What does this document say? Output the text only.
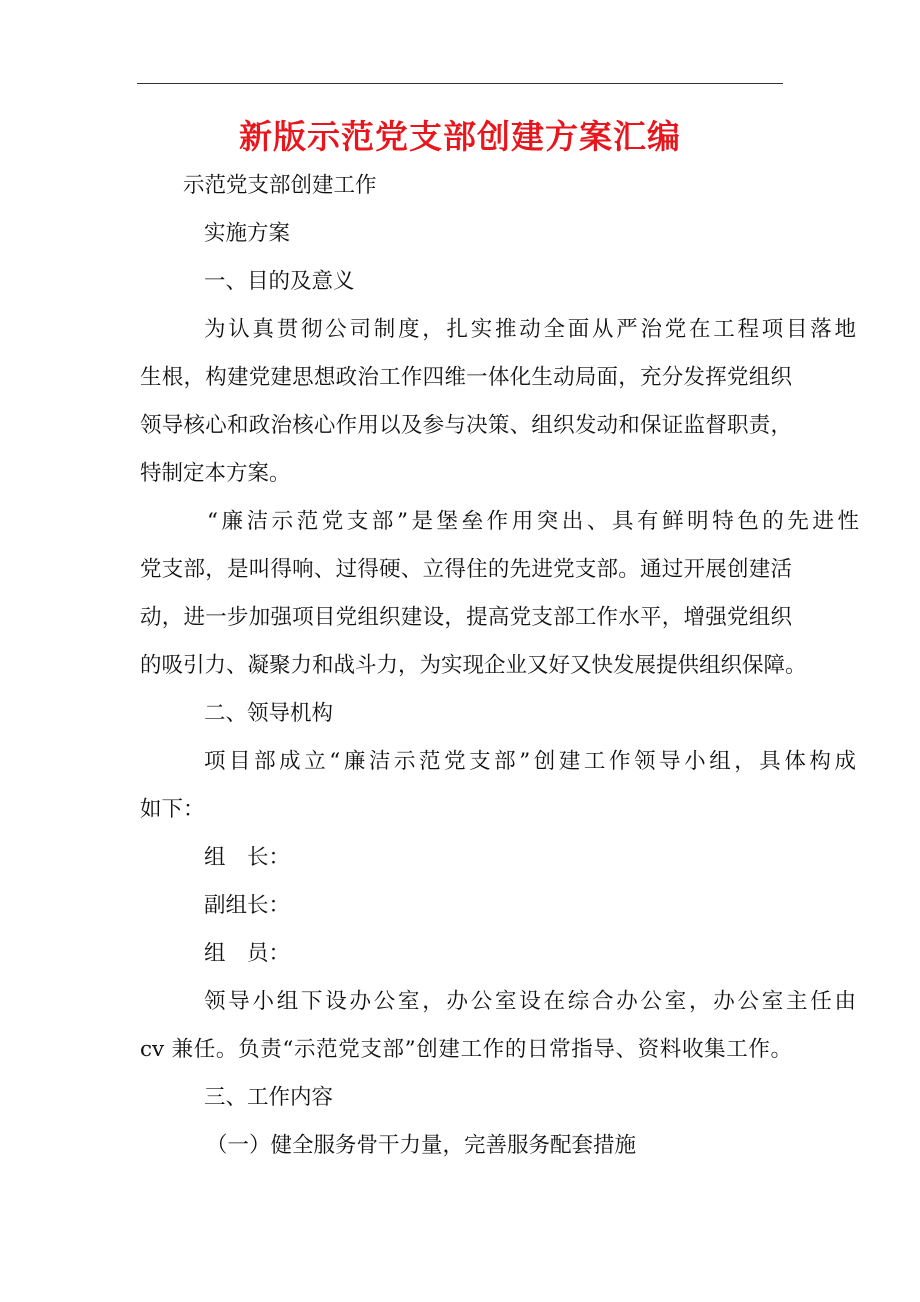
新版示范党支部创建方案汇编
示范党支部创建工作
实施方案
一、目的及意义
为认真贯彻公司制度，扎实推动全面从严治党在工程项目落地
生根，构建党建思想政治工作四维一体化生动局面，充分发挥党组织
领导核心和政治核心作用以及参与决策、组织发动和保证监督职责，
特制定本方案。
“廉洁示范党支部”是堡垒作用突出、具有鲜明特色的先进性
党支部，是叫得响、过得硬、立得住的先进党支部。通过开展创建活
动，进一步加强项目党组织建设，提高党支部工作水平，增强党组织
的吸引力、凝聚力和战斗力，为实现企业又好又快发展提供组织保障。
二、领导机构
项目部成立“廉洁示范党支部”创建工作领导小组，具体构成
如下：
组　长：
副组长：
组　员：
领导小组下设办公室，办公室设在综合办公室，办公室主任由
cv 兼任。负责“示范党支部”创建工作的日常指导、资料收集工作。
三、工作内容
（一）健全服务骨干力量，完善服务配套措施
